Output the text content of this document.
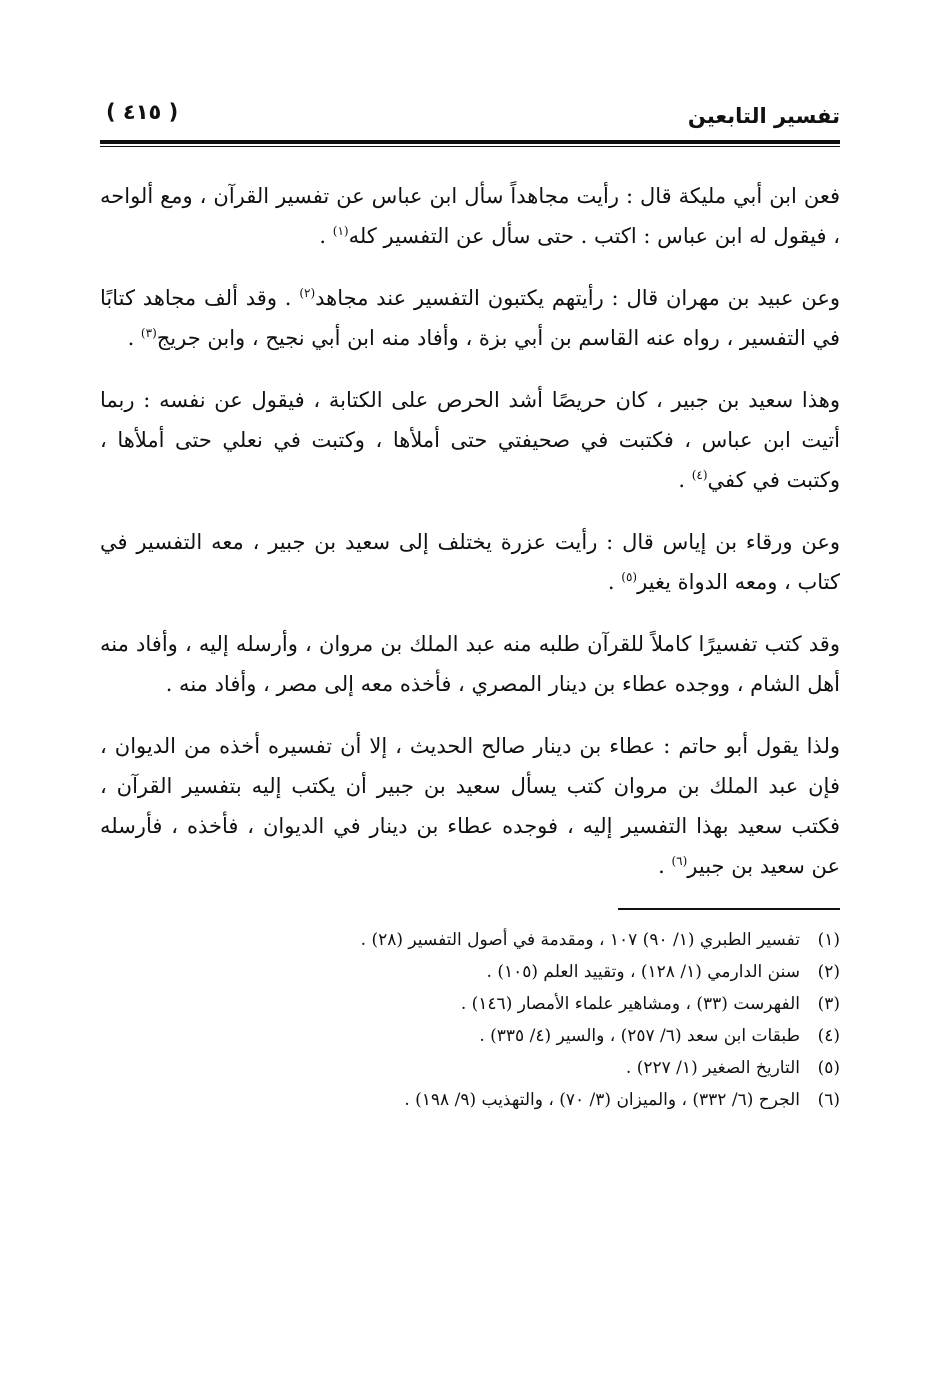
تفسير التابعين
( ٤١٥ )

فعن ابن أبي مليكة قال : رأيت مجاهداً سأل ابن عباس عن تفسير القرآن ، ومع ألواحه ، فيقول له ابن عباس : اكتب . حتى سأل عن التفسير كله$^{(١)}$ .

وعن عبيد بن مهران قال : رأيتهم يكتبون التفسير عند مجاهد$^{(٢)}$ . وقد ألف مجاهد كتابًا في التفسير ، رواه عنه القاسم بن أبي بزة ، وأفاد منه ابن أبي نجيح ، وابن جريج$^{(٣)}$ .

وهذا سعيد بن جبير ، كان حريصًا أشد الحرص على الكتابة ، فيقول عن نفسه : ربما أتيت ابن عباس ، فكتبت في صحيفتي حتى أملأها ، وكتبت في نعلي حتى أملأها ، وكتبت في كفي$^{(٤)}$ .

وعن ورقاء بن إياس قال : رأيت عزرة يختلف إلى سعيد بن جبير ، معه التفسير في كتاب ، ومعه الدواة يغير$^{(٥)}$ .

وقد كتب تفسيرًا كاملاً للقرآن طلبه منه عبد الملك بن مروان ، وأرسله إليه ، وأفاد منه أهل الشام ، ووجده عطاء بن دينار المصري ، فأخذه معه إلى مصر ، وأفاد منه .

ولذا يقول أبو حاتم : عطاء بن دينار صالح الحديث ، إلا أن تفسيره أخذه من الديوان ، فإن عبد الملك بن مروان كتب يسأل سعيد بن جبير أن يكتب إليه بتفسير القرآن ، فكتب سعيد بهذا التفسير إليه ، فوجده عطاء بن دينار في الديوان ، فأخذه ، فأرسله عن سعيد بن جبير$^{(٦)}$ .

(١)
تفسير الطبري (١/ ٩٠) ١٠٧ ، ومقدمة في أصول التفسير (٢٨) .
(٢)
سنن الدارمي (١/ ١٢٨) ، وتقييد العلم (١٠٥) .
(٣)
الفهرست (٣٣) ، ومشاهير علماء الأمصار (١٤٦) .
(٤)
طبقات ابن سعد (٦/ ٢٥٧) ، والسير (٤/ ٣٣٥) .
(٥)
التاريخ الصغير (١/ ٢٢٧) .
(٦)
الجرح (٦/ ٣٣٢) ، والميزان (٣/ ٧٠) ، والتهذيب (٩/ ١٩٨) .
